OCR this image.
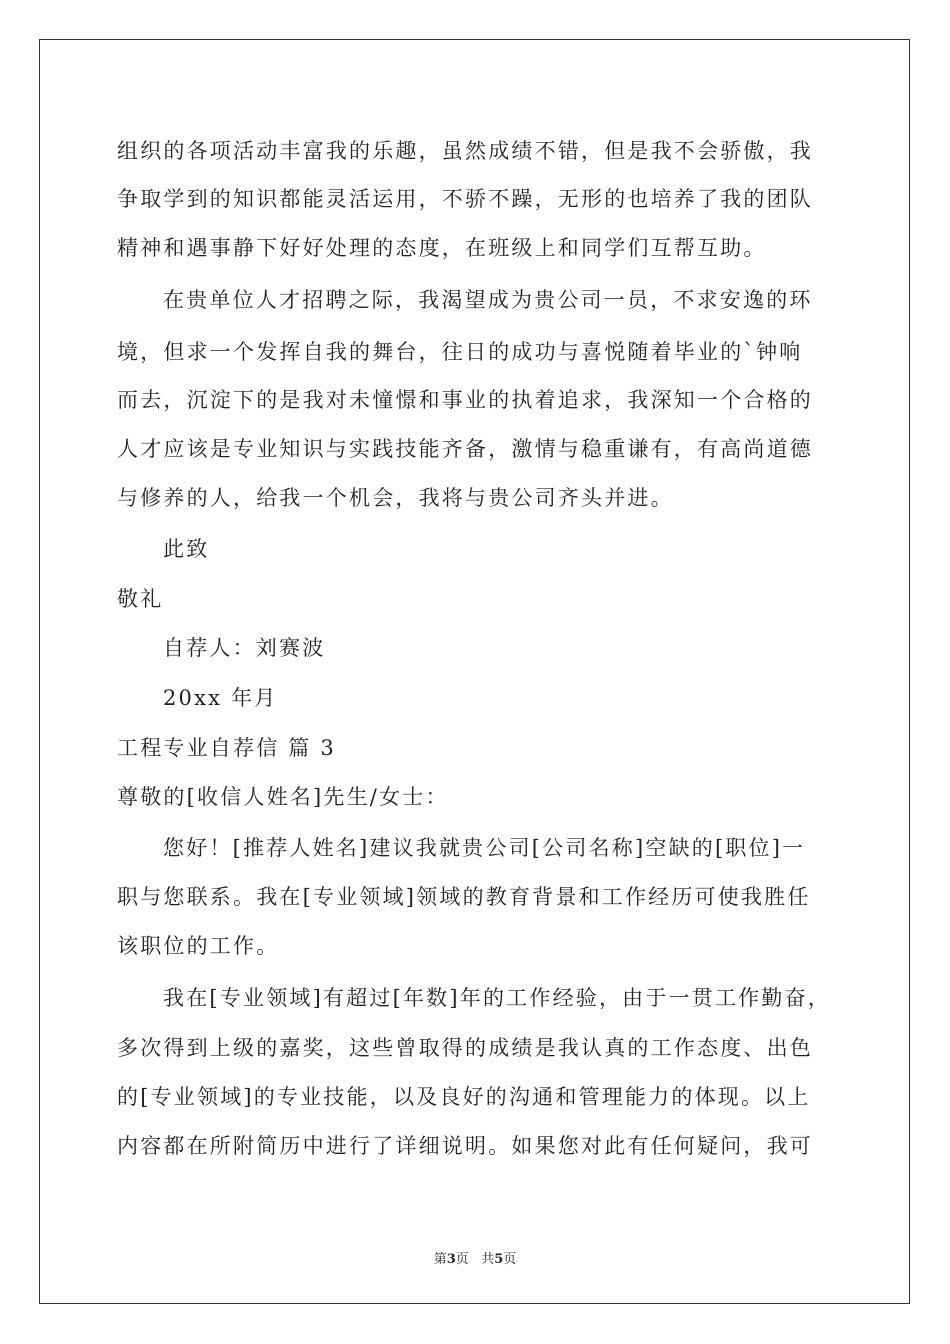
组织的各项活动丰富我的乐趣，虽然成绩不错，但是我不会骄傲，我
争取学到的知识都能灵活运用，不骄不躁，无形的也培养了我的团队
精神和遇事静下好好处理的态度，在班级上和同学们互帮互助。
在贵单位人才招聘之际，我渴望成为贵公司一员，不求安逸的环
境，但求一个发挥自我的舞台，往日的成功与喜悦随着毕业的`钟响
而去，沉淀下的是我对未憧憬和事业的执着追求，我深知一个合格的
人才应该是专业知识与实践技能齐备，激情与稳重谦有，有高尚道德
与修养的人，给我一个机会，我将与贵公司齐头并进。
此致
敬礼
自荐人：刘赛波
20xx 年月
工程专业自荐信 篇 3
尊敬的[收信人姓名]先生/女士：
您好！[推荐人姓名]建议我就贵公司[公司名称]空缺的[职位]一
职与您联系。我在[专业领域]领域的教育背景和工作经历可使我胜任
该职位的工作。
我在[专业领域]有超过[年数]年的工作经验，由于一贯工作勤奋，
多次得到上级的嘉奖，这些曾取得的成绩是我认真的工作态度、出色
的[专业领域]的专业技能，以及良好的沟通和管理能力的体现。以上
内容都在所附简历中进行了详细说明。如果您对此有任何疑问，我可
第3页   共5页
